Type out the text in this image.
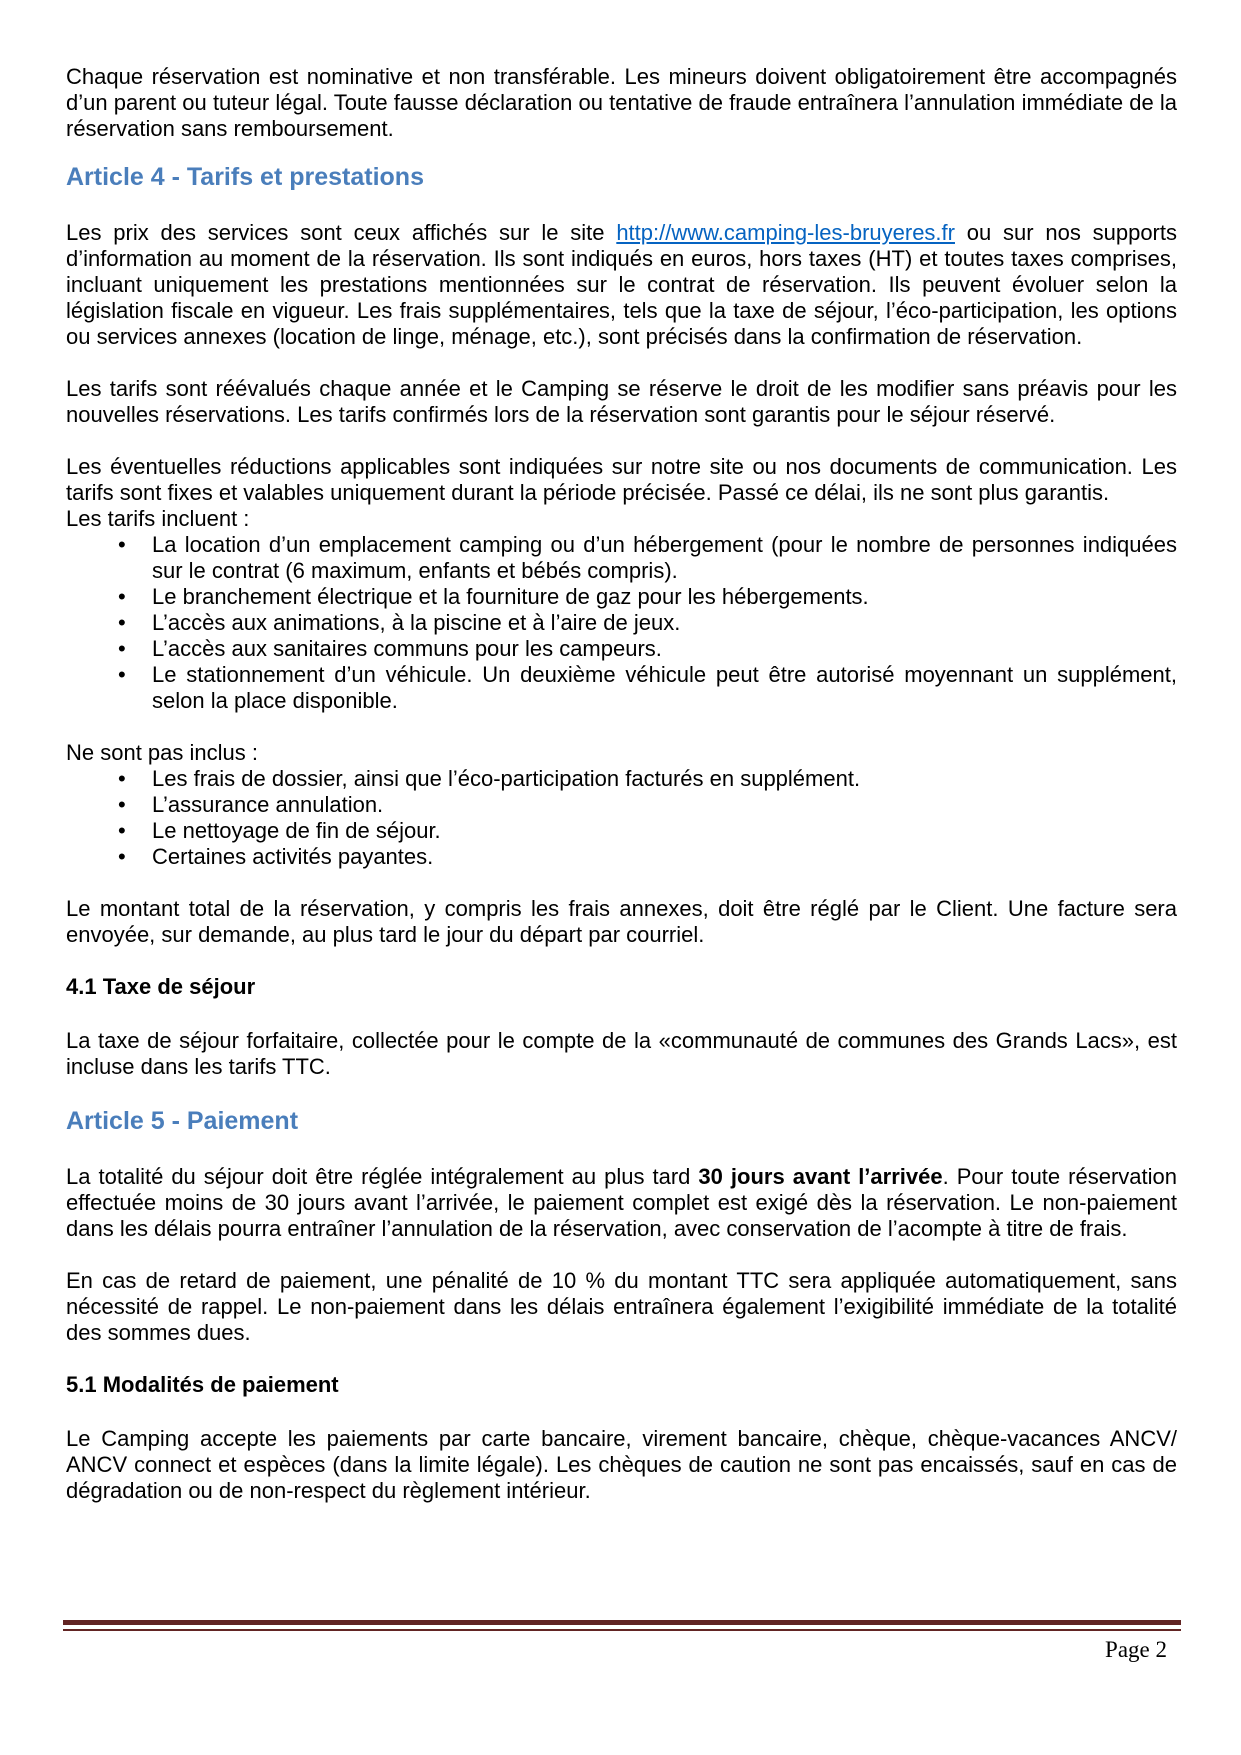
Chaque réservation est nominative et non transférable. Les mineurs doivent obligatoirement être accompagnés d’un parent ou tuteur légal. Toute fausse déclaration ou tentative de fraude entraînera l’annulation immédiate de la réservation sans remboursement.

Article 4 - Tarifs et prestations

Les prix des services sont ceux affichés sur le site http://www.camping-les-bruyeres.fr ou sur nos supports d’information au moment de la réservation. Ils sont indiqués en euros, hors taxes (HT) et toutes taxes comprises, incluant uniquement les prestations mentionnées sur le contrat de réservation. Ils peuvent évoluer selon la législation fiscale en vigueur. Les frais supplémentaires, tels que la taxe de séjour, l’éco-participation, les options ou services annexes (location de linge, ménage, etc.), sont précisés dans la confirmation de réservation.

Les tarifs sont réévalués chaque année et le Camping se réserve le droit de les modifier sans préavis pour les nouvelles réservations. Les tarifs confirmés lors de la réservation sont garantis pour le séjour réservé.

Les éventuelles réductions applicables sont indiquées sur notre site ou nos documents de communication. Les tarifs sont fixes et valables uniquement durant la période précisée. Passé ce délai, ils ne sont plus garantis.

Les tarifs incluent :

• La location d’un emplacement camping ou d’un hébergement (pour le nombre de personnes indiquées sur le contrat (6 maximum, enfants et bébés compris).
• Le branchement électrique et la fourniture de gaz pour les hébergements.
• L’accès aux animations, à la piscine et à l’aire de jeux.
• L’accès aux sanitaires communs pour les campeurs.
• Le stationnement d’un véhicule. Un deuxième véhicule peut être autorisé moyennant un supplément, selon la place disponible.

Ne sont pas inclus :

• Les frais de dossier, ainsi que l’éco-participation facturés en supplément.
• L’assurance annulation.
• Le nettoyage de fin de séjour.
• Certaines activités payantes.

Le montant total de la réservation, y compris les frais annexes, doit être réglé par le Client. Une facture sera envoyée, sur demande, au plus tard le jour du départ par courriel.

4.1 Taxe de séjour

La taxe de séjour forfaitaire, collectée pour le compte de la «communauté de communes des Grands Lacs», est incluse dans les tarifs TTC.

Article 5 - Paiement

La totalité du séjour doit être réglée intégralement au plus tard 30 jours avant l’arrivée. Pour toute réservation effectuée moins de 30 jours avant l’arrivée, le paiement complet est exigé dès la réservation. Le non-paiement dans les délais pourra entraîner l’annulation de la réservation, avec conservation de l’acompte à titre de frais.

En cas de retard de paiement, une pénalité de 10 % du montant TTC sera appliquée automatiquement, sans nécessité de rappel. Le non-paiement dans les délais entraînera également l’exigibilité immédiate de la totalité des sommes dues.

5.1 Modalités de paiement

Le Camping accepte les paiements par carte bancaire, virement bancaire, chèque, chèque-vacances ANCV/ ANCV connect et espèces (dans la limite légale). Les chèques de caution ne sont pas encaissés, sauf en cas de dégradation ou de non-respect du règlement intérieur.

Page 2
